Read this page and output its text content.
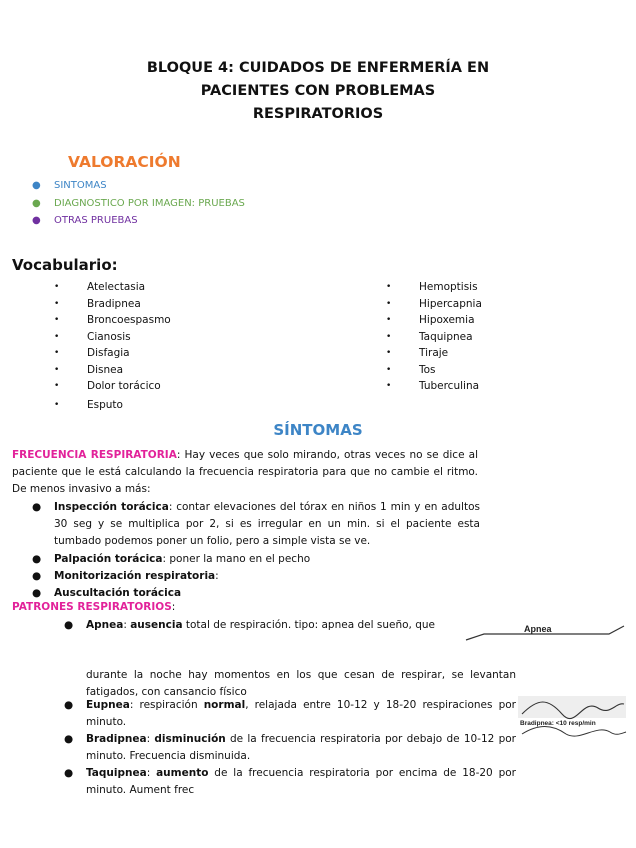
BLOQUE 4: CUIDADOS DE ENFERMERÍA EN
PACIENTES CON PROBLEMAS
RESPIRATORIOS
VALORACIÓN
● SINTOMAS
● DIAGNOSTICO POR IMAGEN: PRUEBAS
● OTRAS PRUEBAS
Vocabulario:
•	Atelectasia
•	Bradipnea
•	Broncoespasmo
•	Cianosis
•	Disfagia
•	Disnea
•	Dolor torácico
•	Esputo
•	Hemoptisis
•	Hipercapnia
•	Hipoxemia
•	Taquipnea
•	Tiraje
•	Tos
•	Tuberculina
SÍNTOMAS
FRECUENCIA RESPIRATORIA: Hay veces que solo mirando, otras veces no se dice al paciente que le está calculando la frecuencia respiratoria para que no cambie el ritmo. De menos invasivo a más:
● Inspección torácica: contar elevaciones del tórax en niños 1 min y en adultos 30 seg y se multiplica por 2, si es irregular en un min. si el paciente esta tumbado podemos poner un folio, pero a simple vista se ve.
● Palpación torácica: poner la mano en el pecho
● Monitorización respiratoria:
● Auscultación torácica
PATRONES RESPIRATORIOS:
● Apnea: ausencia total de respiración. tipo: apnea del sueño, que
durante la noche hay momentos en los que cesan de respirar, se levantan fatigados, con cansancio físico
Apnea
● Eupnea: respiración normal, relajada entre 10-12 y 18-20 respiraciones por minuto.
● Bradipnea: disminución de la frecuencia respiratoria por debajo de 10-12 por minuto. Frecuencia disminuida.
● Taquipnea: aumento de la frecuencia respiratoria por encima de 18-20 por minuto. Aument frec
Bradipnea: <10 resp/min
